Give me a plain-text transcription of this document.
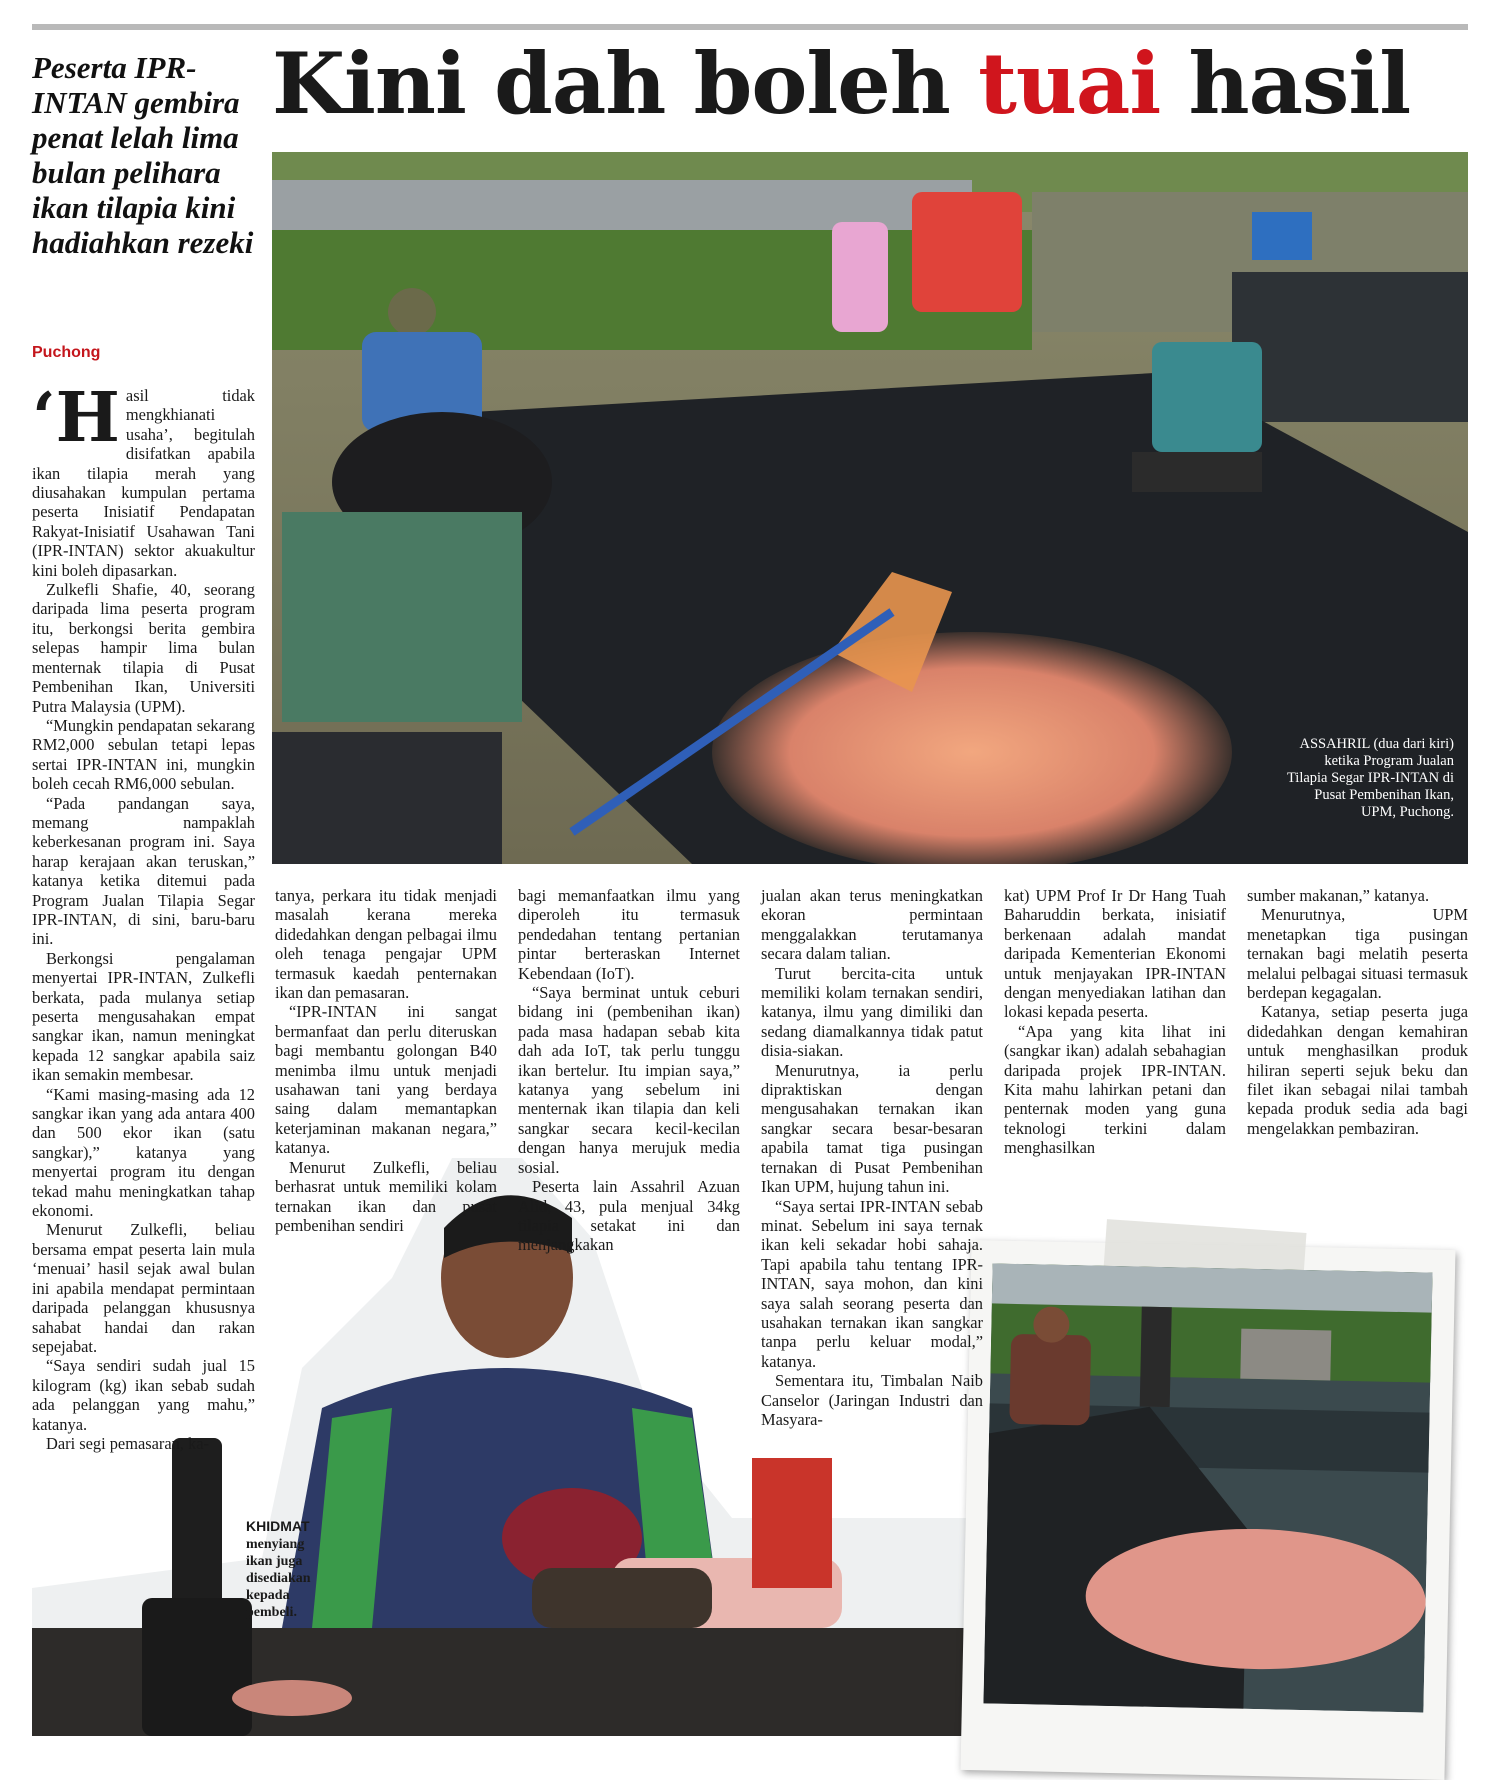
Kini dah boleh tuai hasil
Peserta IPR-INTAN gembira penat lelah lima bulan pelihara ikan tilapia kini hadiahkan rezeki
Puchong
ASSAHRIL (dua dari kiri) ketika Program Jualan Tilapia Segar IPR-INTAN di Pusat Pembenihan Ikan, UPM, Puchong.
KHIDMAT menyiang ikan juga disediakan kepada pembeli.

‘Hasil tidak mengkhianati usaha’, begitulah disifatkan apabila ikan tilapia merah yang diusahakan kumpulan pertama peserta Inisiatif Pendapatan Rakyat-Inisiatif Usahawan Tani (IPR-INTAN) sektor akuakultur kini boleh dipasarkan.

Zulkefli Shafie, 40, seorang daripada lima peserta program itu, berkongsi berita gembira selepas hampir lima bulan menternak tilapia di Pusat Pembenihan Ikan, Universiti Putra Malaysia (UPM).

“Mungkin pendapatan sekarang RM2,000 sebulan tetapi lepas sertai IPR-INTAN ini, mungkin boleh cecah RM6,000 sebulan.

“Pada pandangan saya, memang nampaklah keberkesanan program ini. Saya harap kerajaan akan teruskan,” katanya ketika ditemui pada Program Jualan Tilapia Segar IPR-INTAN, di sini, baru-baru ini.

Berkongsi pengalaman menyertai IPR-INTAN, Zulkefli berkata, pada mulanya setiap peserta mengusahakan empat sangkar ikan, namun meningkat kepada 12 sangkar apabila saiz ikan semakin membesar.

“Kami masing-masing ada 12 sangkar ikan yang ada antara 400 dan 500 ekor ikan (satu sangkar),” katanya yang menyertai program itu dengan tekad mahu meningkatkan tahap ekonomi.

Menurut Zulkefli, beliau bersama empat peserta lain mula ‘menuai’ hasil sejak awal bulan ini apabila mendapat permintaan daripada pelanggan khususnya sahabat handai dan rakan sepejabat.

“Saya sendiri sudah jual 15 kilogram (kg) ikan sebab sudah ada pelanggan yang mahu,” katanya.

Dari segi pemasaran, ka-

tanya, perkara itu tidak menjadi masalah kerana mereka didedahkan dengan pelbagai ilmu oleh tenaga pengajar UPM termasuk kaedah penternakan ikan dan pemasaran.

“IPR-INTAN ini sangat bermanfaat dan perlu diteruskan bagi membantu golongan B40 menimba ilmu untuk menjadi usahawan tani yang berdaya saing dalam memantapkan keterjaminan makanan negara,” katanya.

Menurut Zulkefli, beliau berhasrat untuk memiliki kolam ternakan ikan dan pusat pembenihan sendiri

bagi memanfaatkan ilmu yang diperoleh itu termasuk pendedahan tentang pertanian pintar berteraskan Internet Kebendaan (IoT).

“Saya berminat untuk ceburi bidang ini (pembenihan ikan) pada masa hadapan sebab kita dah ada IoT, tak perlu tunggu ikan bertelur. Itu impian saya,” katanya yang sebelum ini menternak ikan tilapia dan keli sangkar secara kecil-kecilan dengan hanya merujuk media sosial.

Peserta lain Assahril Azuan Alid, 43, pula menjual 34kg tilapia setakat ini dan menjangkakan

jualan akan terus meningkatkan ekoran permintaan menggalakkan terutamanya secara dalam talian.

Turut bercita-cita untuk memiliki kolam ternakan sendiri, katanya, ilmu yang dimiliki dan sedang diamalkannya tidak patut disia-siakan.

Menurutnya, ia perlu dipraktiskan dengan mengusahakan ternakan ikan sangkar secara besar-besaran apabila tamat tiga pusingan ternakan di Pusat Pembenihan Ikan UPM, hujung tahun ini.

“Saya sertai IPR-INTAN sebab minat. Sebelum ini saya ternak ikan keli sekadar hobi sahaja. Tapi apabila tahu tentang IPR-INTAN, saya mohon, dan kini saya salah seorang peserta dan usahakan ternakan ikan sangkar tanpa perlu keluar modal,” katanya.

Sementara itu, Timbalan Naib Canselor (Jaringan Industri dan Masyara-

kat) UPM Prof Ir Dr Hang Tuah Baharuddin berkata, inisiatif berkenaan adalah mandat daripada Kementerian Ekonomi untuk menjayakan IPR-INTAN dengan menyediakan latihan dan lokasi kepada peserta.

“Apa yang kita lihat ini (sangkar ikan) adalah sebahagian daripada projek IPR-INTAN. Kita mahu lahirkan petani dan penternak moden yang guna teknologi terkini dalam menghasilkan

sumber makanan,” katanya.

Menurutnya, UPM menetapkan tiga pusingan ternakan bagi melatih peserta melalui pelbagai situasi termasuk berdepan kegagalan.

Katanya, setiap peserta juga didedahkan dengan kemahiran untuk menghasilkan produk hiliran seperti sejuk beku dan filet ikan sebagai nilai tambah kepada produk sedia ada bagi mengelakkan pembaziran.
